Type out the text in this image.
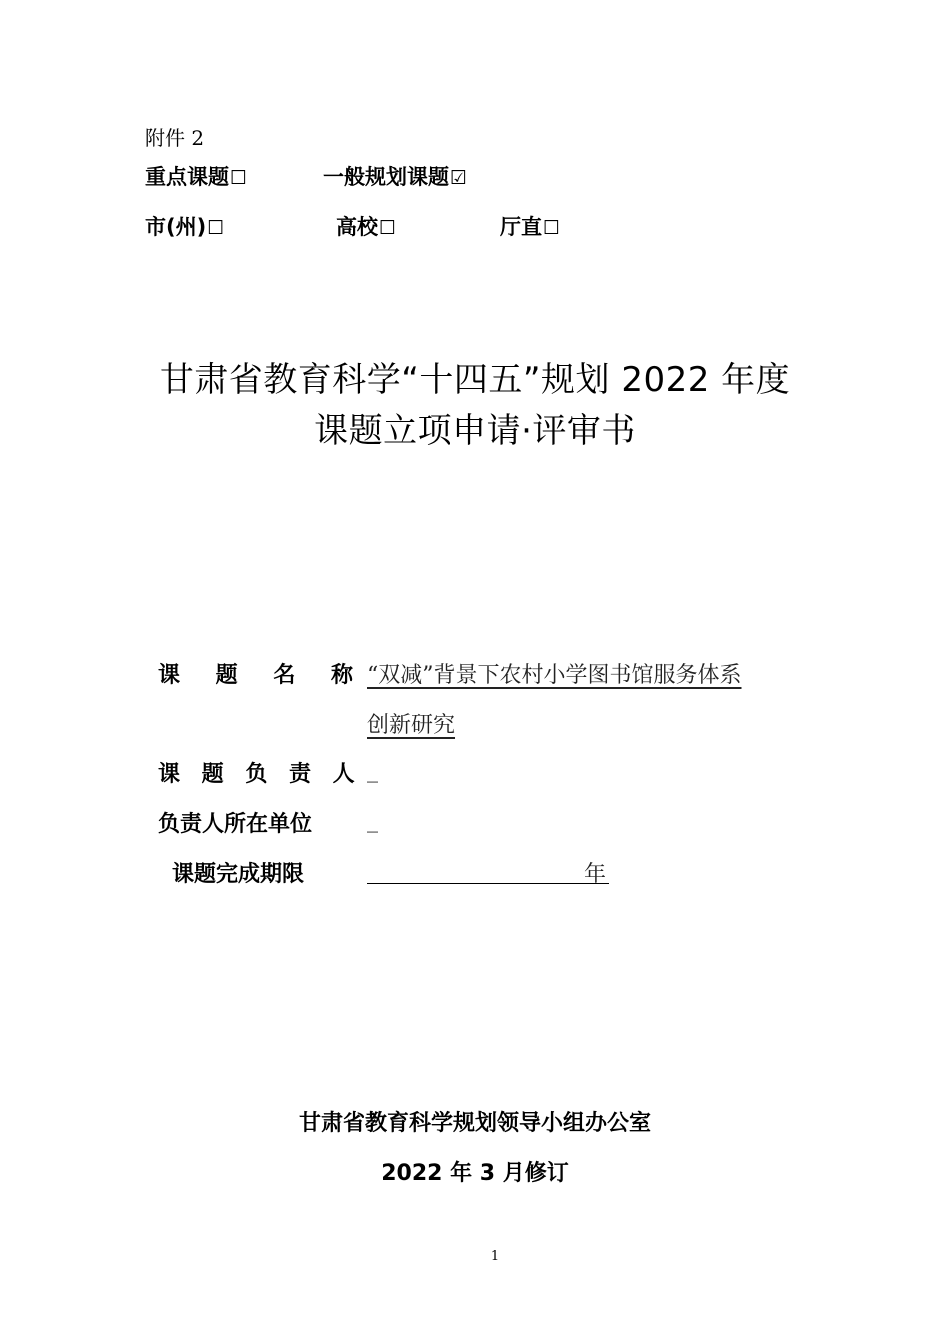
附件 2
重点课题☐	一般规划课题☑
市(州)☐	高校☐	厅直☐
甘肃省教育科学“十四五”规划 2022 年度
课题立项申请·评审书
课 题 名 称 “双减”背景下农村小学图书馆服务体系
创新研究
课 题 负 责 人 _
负责人所在单位 _
课题完成期限	年
甘肃省教育科学规划领导小组办公室
2022 年 3 月修订
1
